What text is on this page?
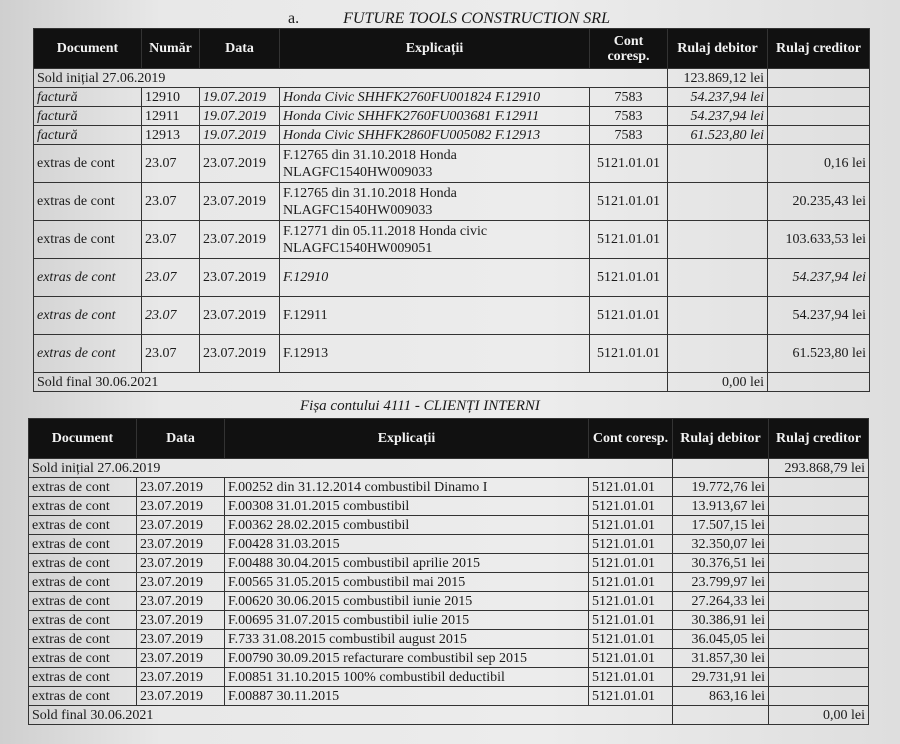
a.	FUTURE TOOLS CONSTRUCTION SRL
Document	Număr	Data	Explicații	Cont coresp.	Rulaj debitor	Rulaj creditor
Sold inițial 27.06.2019					123.869,12 lei	
factură	12910	19.07.2019	Honda Civic SHHFK2760FU001824 F.12910	7583	54.237,94 lei	
factură	12911	19.07.2019	Honda Civic SHHFK2760FU003681 F.12911	7583	54.237,94 lei	
factură	12913	19.07.2019	Honda Civic SHHFK2860FU005082 F.12913	7583	61.523,80 lei	
extras de cont	23.07	23.07.2019	F.12765 din 31.10.2018 Honda NLAGFC1540HW009033	5121.01.01		0,16 lei
extras de cont	23.07	23.07.2019	F.12765 din 31.10.2018 Honda NLAGFC1540HW009033	5121.01.01		20.235,43 lei
extras de cont	23.07	23.07.2019	F.12771 din 05.11.2018 Honda civic NLAGFC1540HW009051	5121.01.01		103.633,53 lei
extras de cont	23.07	23.07.2019	F.12910	5121.01.01		54.237,94 lei
extras de cont	23.07	23.07.2019	F.12911	5121.01.01		54.237,94 lei
extras de cont	23.07	23.07.2019	F.12913	5121.01.01		61.523,80 lei
Sold final 30.06.2021					0,00 lei	
Fișa contului 4111 - CLIENȚI INTERNI
Document	Data	Explicații	Cont coresp.	Rulaj debitor	Rulaj creditor
Sold inițial 27.06.2019					293.868,79 lei
extras de cont	23.07.2019	F.00252 din 31.12.2014 combustibil Dinamo I	5121.01.01	19.772,76 lei	
extras de cont	23.07.2019	F.00308 31.01.2015 combustibil	5121.01.01	13.913,67 lei	
extras de cont	23.07.2019	F.00362 28.02.2015 combustibil	5121.01.01	17.507,15 lei	
extras de cont	23.07.2019	F.00428 31.03.2015	5121.01.01	32.350,07 lei	
extras de cont	23.07.2019	F.00488 30.04.2015 combustibil aprilie 2015	5121.01.01	30.376,51 lei	
extras de cont	23.07.2019	F.00565 31.05.2015 combustibil mai 2015	5121.01.01	23.799,97 lei	
extras de cont	23.07.2019	F.00620 30.06.2015 combustibil iunie 2015	5121.01.01	27.264,33 lei	
extras de cont	23.07.2019	F.00695 31.07.2015 combustibil iulie 2015	5121.01.01	30.386,91 lei	
extras de cont	23.07.2019	F.733 31.08.2015 combustibil august 2015	5121.01.01	36.045,05 lei	
extras de cont	23.07.2019	F.00790 30.09.2015 refacturare combustibil sep 2015	5121.01.01	31.857,30 lei	
extras de cont	23.07.2019	F.00851 31.10.2015 100% combustibil deductibil	5121.01.01	29.731,91 lei	
extras de cont	23.07.2019	F.00887 30.11.2015	5121.01.01	863,16 lei	
Sold final 30.06.2021					0,00 lei
